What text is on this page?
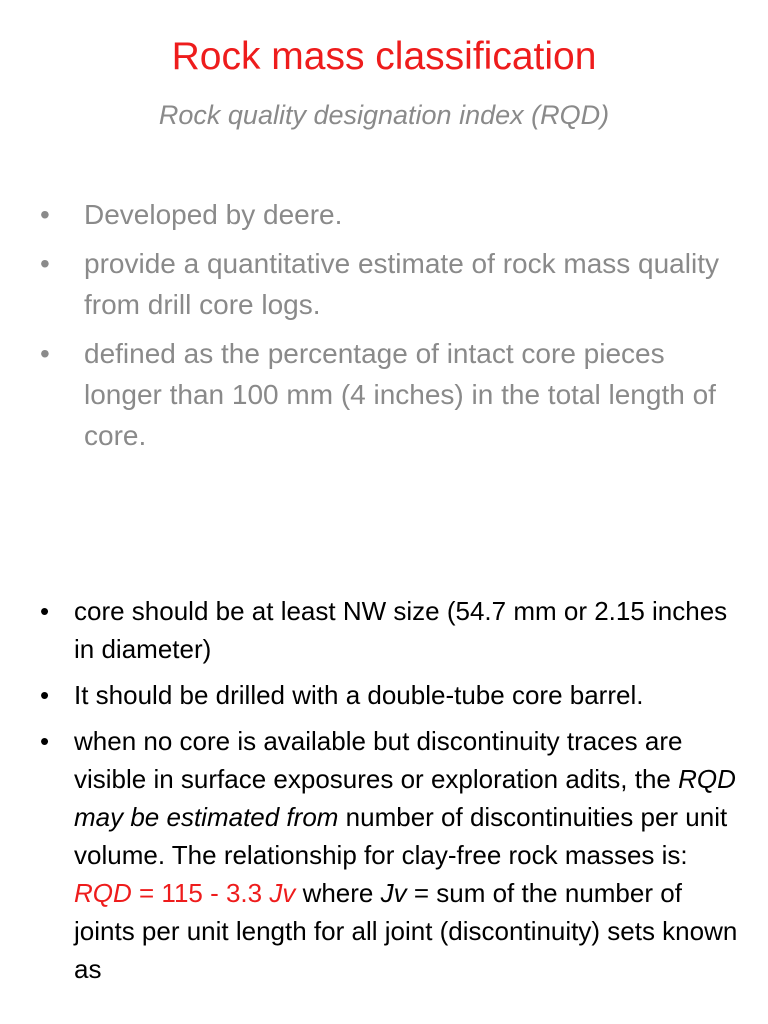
Rock mass classification
Rock quality designation index (RQD)
• Developed by deere.
• provide a quantitative estimate of rock mass quality from drill core logs.
• defined as the percentage of intact core pieces longer than 100 mm (4 inches) in the total length of core.
• core should be at least NW size (54.7 mm or 2.15 inches in diameter)
• It should be drilled with a double-tube core barrel.
• when no core is available but discontinuity traces are visible in surface exposures or exploration adits, the RQD may be estimated from number of discontinuities per unit volume. The relationship for clay-free rock masses is: RQD = 115 - 3.3 Jv where Jv = sum of the number of joints per unit length for all joint (discontinuity) sets known as
